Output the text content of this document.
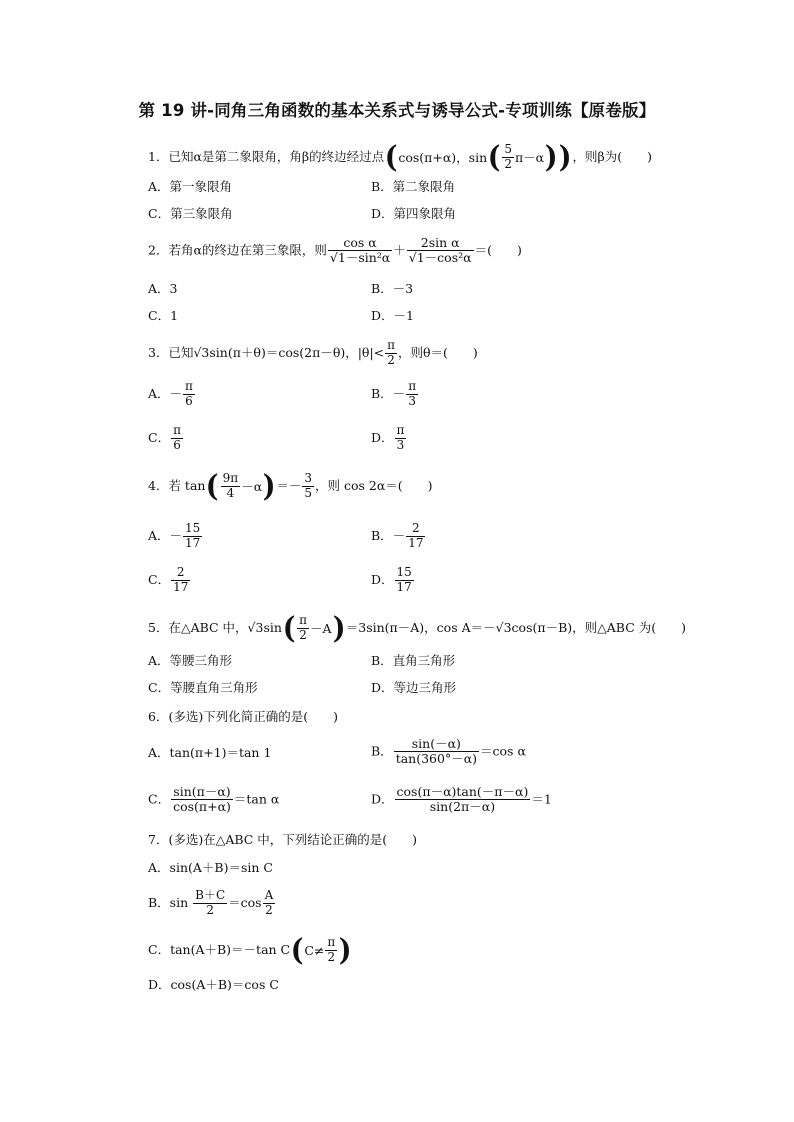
第 19 讲-同角三角函数的基本关系式与诱导公式-专项训练【原卷版】
1．已知α是第二象限角，角β的终边经过点 ( cos(π+α)，sin ( $\frac{5}{2} \pi-\alpha$ ) ) ，则β为(　　)
A．第一象限角	B．第二象限角
C．第三象限角	D．第四象限角
2．若角α的终边在第三象限，则 $\frac{\text{cos α}}{\text{√1－sin²α}} + \frac{\text{2sin α}}{\text{√1－cos²α}}$ ＝(　　)
A．3	B．－3
C．1	D．－1
3．已知√3sin(π＋θ)＝cos(2π－θ)，$|\theta|< \frac{\pi}{2}$ ，则θ＝(　　)
A．－ $\frac{\pi}{6}$	B．－ $\frac{\pi}{3}$
C． $\frac{\pi}{6}$	D． $\frac{\pi}{3}$
4．若 tan ( $\frac{9\pi}{4} -\alpha$ ) ＝－ $\frac{3}{5}$ ，则 cos 2α＝(　　)
A．－ $\frac{15}{17}$	B．－ $\frac{2}{17}$
C． $\frac{2}{17}$	D． $\frac{15}{17}$
5．在△ABC 中，√3sin ( $\frac{\pi}{2} -A$ ) ＝3sin(π－A)，cos A＝－√3cos(π－B)，则△ABC 为(　　)
A．等腰三角形	B．直角三角形
C．等腰直角三角形	D．等边三角形
6．(多选)下列化简正确的是(　　)
A．tan(π+1)＝tan 1	B． $\frac{\sin(-\alpha)}{\tan(360^\circ-\alpha)} =\cos$ α
C． $\frac{\sin(\pi-\alpha)}{\cos(\pi+\alpha)} =\tan$ α	D． $\frac{\cos(\pi-\alpha)\tan(-\pi-\alpha)}{\sin(2\pi-\alpha)} =1$
7．(多选)在△ABC 中，下列结论正确的是(　　)
A．sin(A＋B)＝sin C
B．$\sin \frac{B+C}{2} =\cos \frac{A}{2}$
C．tan(A＋B)＝－tan C ( $C\ne \frac{\pi}{2}$ )
D．cos(A＋B)＝cos C
